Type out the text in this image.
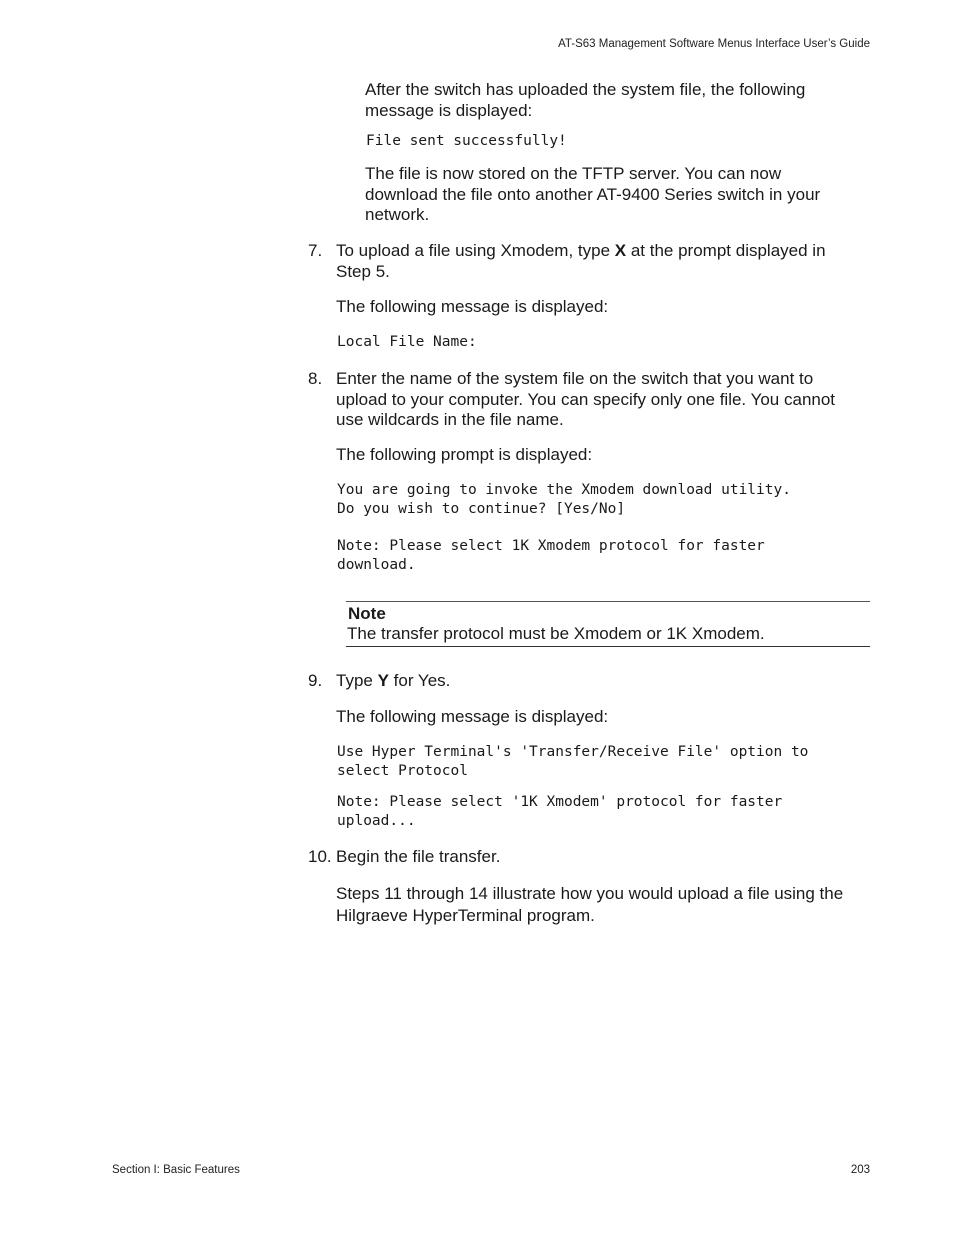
AT-S63 Management Software Menus Interface User’s Guide
After the switch has uploaded the system file, the following message is displayed:
File sent successfully!
The file is now stored on the TFTP server. You can now download the file onto another AT-9400 Series switch in your network.
7. To upload a file using Xmodem, type X at the prompt displayed in Step 5.
The following message is displayed:
Local File Name:
8. Enter the name of the system file on the switch that you want to upload to your computer. You can specify only one file. You cannot use wildcards in the file name.
The following prompt is displayed:
You are going to invoke the Xmodem download utility.
Do you wish to continue? [Yes/No]
Note: Please select 1K Xmodem protocol for faster
download.
Note
The transfer protocol must be Xmodem or 1K Xmodem.
9. Type Y for Yes.
The following message is displayed:
Use Hyper Terminal's 'Transfer/Receive File' option to
select Protocol
Note: Please select '1K Xmodem' protocol for faster
upload...
10. Begin the file transfer.
Steps 11 through 14 illustrate how you would upload a file using the Hilgraeve HyperTerminal program.
Section I: Basic Features	203
